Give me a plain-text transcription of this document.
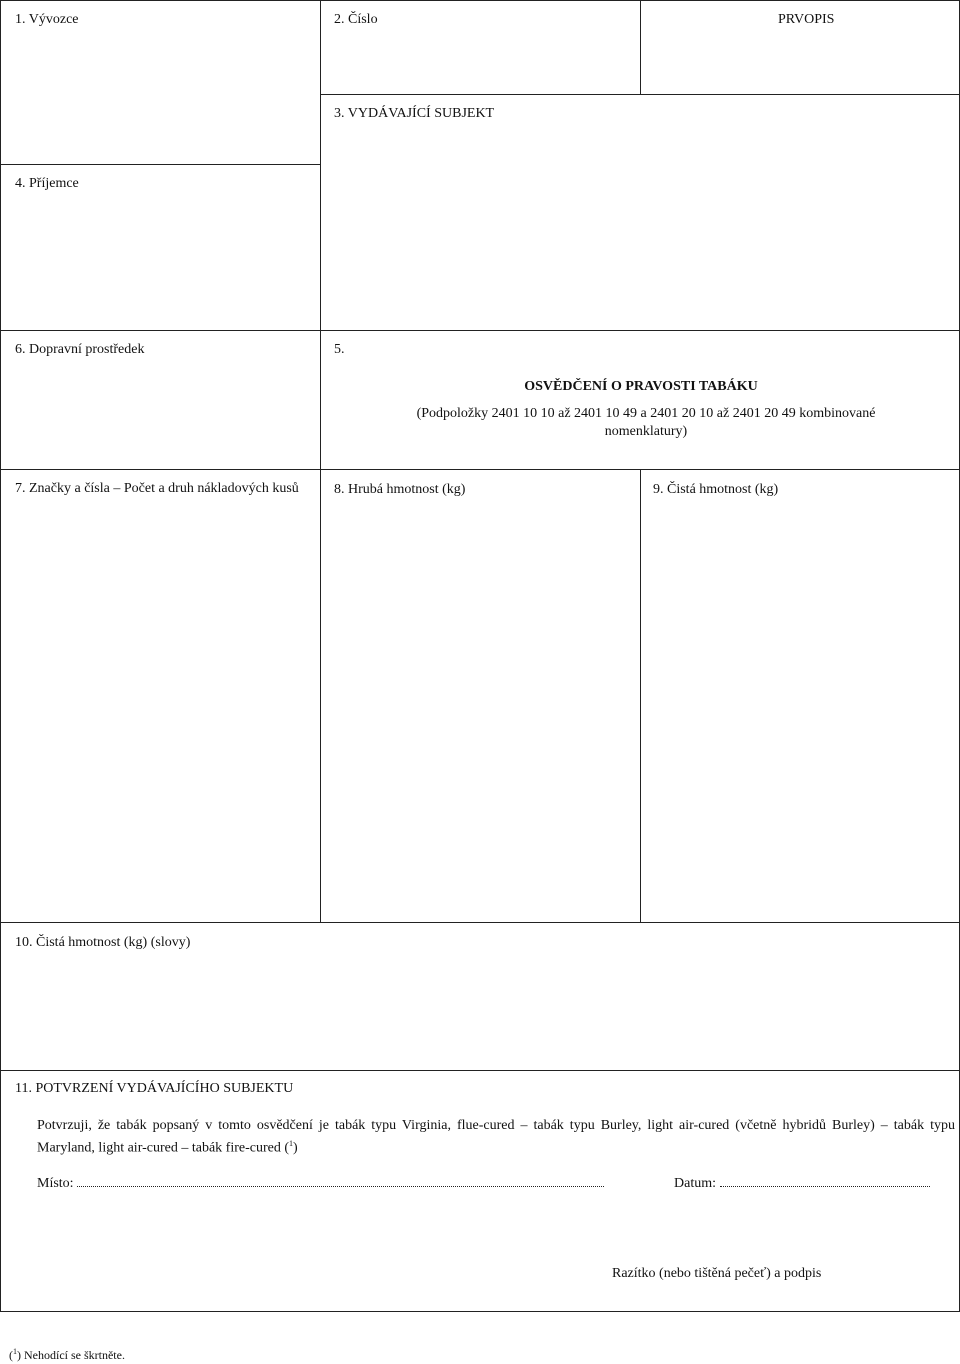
1. Vývozce	2. Číslo	PRVOPIS
3. VYDÁVAJÍCÍ SUBJEKT
4. Příjemce
6. Dopravní prostředek	5.
OSVĚDČENÍ O PRAVOSTI TABÁKU
(Podpoložky 2401 10 10 až 2401 10 49 a 2401 20 10 až 2401 20 49 kombinované nomenklatury)
7. Značky a čísla – Počet a druh nákladových kusů	8. Hrubá hmotnost (kg)	9. Čistá hmotnost (kg)
10. Čistá hmotnost (kg) (slovy)
11. POTVRZENÍ VYDÁVAJÍCÍHO SUBJEKTU
Potvrzuji, že tabák popsaný v tomto osvědčení je tabák typu Virginia, flue-cured – tabák typu Burley, light air-cured (včetně hybridů Burley) – tabák typu Maryland, light air-cured – tabák fire-cured ($^1$)
Místo:	Datum:
Razítko (nebo tištěná pečeť) a podpis
($^1$) Nehodící se škrtněte.
